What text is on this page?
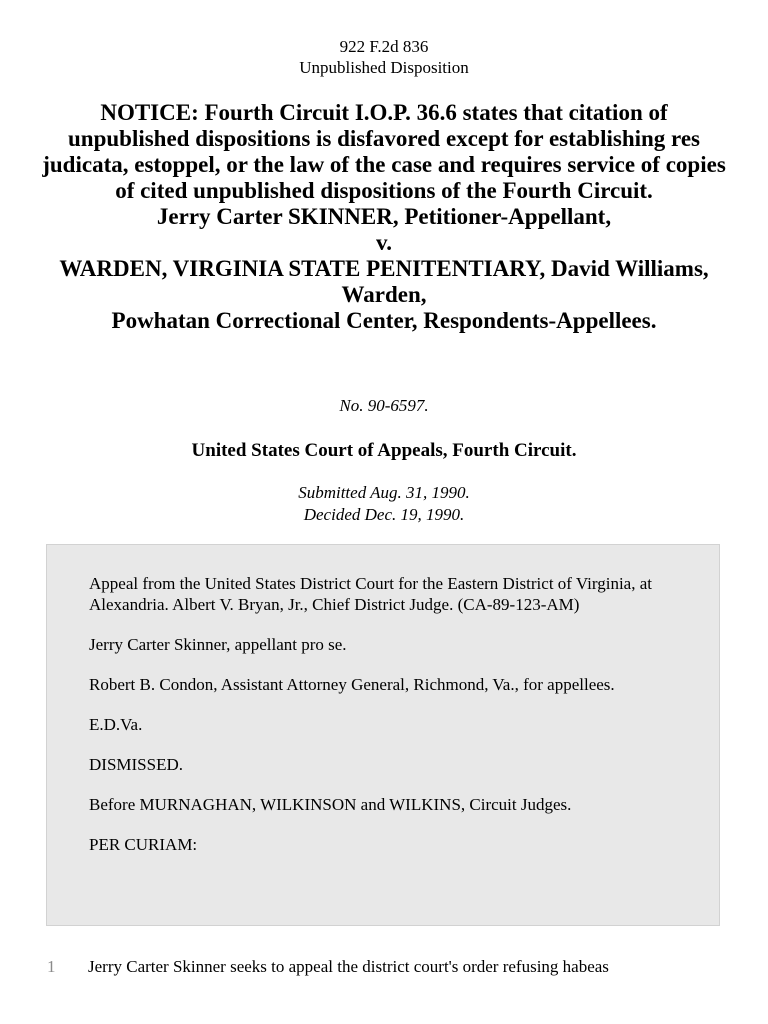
922 F.2d 836
Unpublished Disposition
NOTICE: Fourth Circuit I.O.P. 36.6 states that citation of unpublished dispositions is disfavored except for establishing res judicata, estoppel, or the law of the case and requires service of copies of cited unpublished dispositions of the Fourth Circuit.
Jerry Carter SKINNER, Petitioner-Appellant,
v.
WARDEN, VIRGINIA STATE PENITENTIARY, David Williams, Warden,
Powhatan Correctional Center, Respondents-Appellees.
No. 90-6597.
United States Court of Appeals, Fourth Circuit.
Submitted Aug. 31, 1990.
Decided Dec. 19, 1990.

Appeal from the United States District Court for the Eastern District of Virginia, at Alexandria. Albert V. Bryan, Jr., Chief District Judge. (CA-89-123-AM)

Jerry Carter Skinner, appellant pro se.

Robert B. Condon, Assistant Attorney General, Richmond, Va., for appellees.

E.D.Va.

DISMISSED.

Before MURNAGHAN, WILKINSON and WILKINS, Circuit Judges.

PER CURIAM:

1 Jerry Carter Skinner seeks to appeal the district court's order refusing habeas
